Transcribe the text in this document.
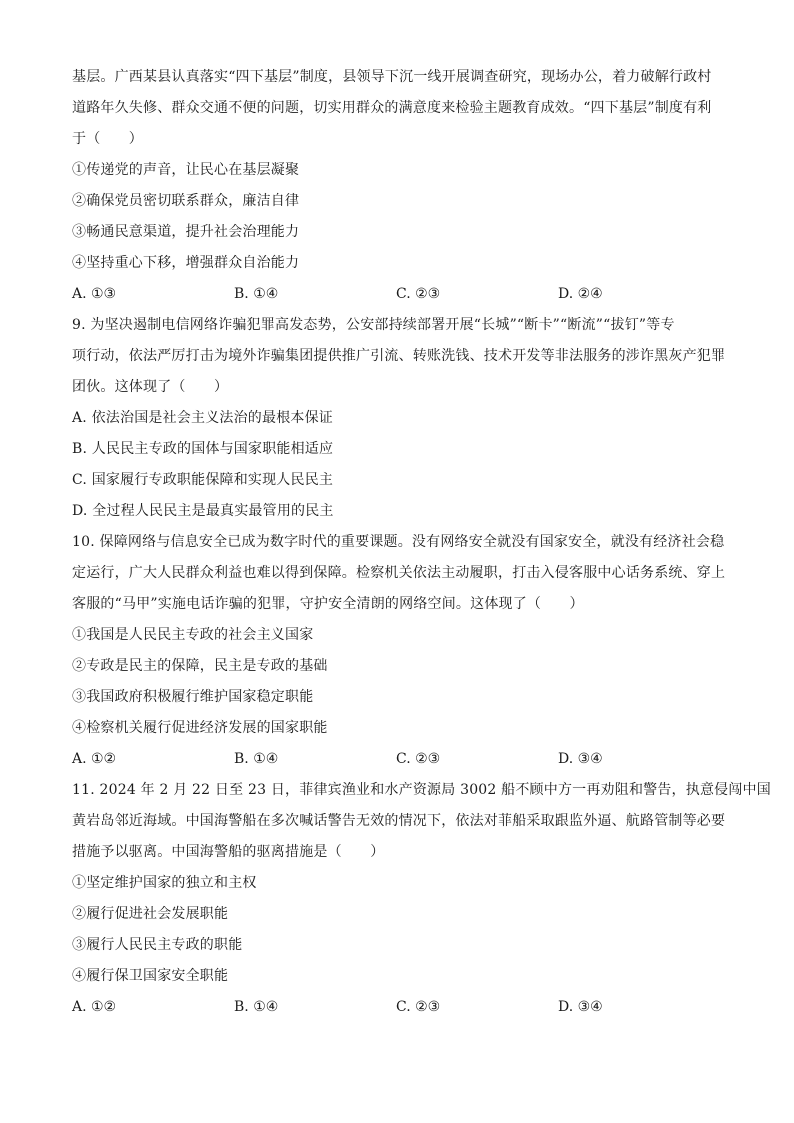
基层。广西某县认真落实“四下基层”制度，县领导下沉一线开展调查研究，现场办公，着力破解行政村
道路年久失修、群众交通不便的问题，切实用群众的满意度来检验主题教育成效。“四下基层”制度有利
于（　　）
①传递党的声音，让民心在基层凝聚
②确保党员密切联系群众，廉洁自律
③畅通民意渠道，提升社会治理能力
④坚持重心下移，增强群众自治能力
A. ①③	B. ①④	C. ②③	D. ②④
9. 为坚决遏制电信网络诈骗犯罪高发态势，公安部持续部署开展“长城”“断卡”“断流”“拔钉”等专
项行动，依法严厉打击为境外诈骗集团提供推广引流、转账洗钱、技术开发等非法服务的涉诈黑灰产犯罪
团伙。这体现了（　　）
A. 依法治国是社会主义法治的最根本保证
B. 人民民主专政的国体与国家职能相适应
C. 国家履行专政职能保障和实现人民民主
D. 全过程人民民主是最真实最管用的民主
10. 保障网络与信息安全已成为数字时代的重要课题。没有网络安全就没有国家安全，就没有经济社会稳
定运行，广大人民群众利益也难以得到保障。检察机关依法主动履职，打击入侵客服中心话务系统、穿上
客服的“马甲”实施电话诈骗的犯罪，守护安全清朗的网络空间。这体现了（　　）
①我国是人民民主专政的社会主义国家
②专政是民主的保障，民主是专政的基础
③我国政府积极履行维护国家稳定职能
④检察机关履行促进经济发展的国家职能
A. ①②	B. ①④	C. ②③	D. ③④
11. 2024 年 2 月 22 日至 23 日，菲律宾渔业和水产资源局 3002 船不顾中方一再劝阻和警告，执意侵闯中国
黄岩岛邻近海域。中国海警船在多次喊话警告无效的情况下，依法对菲船采取跟监外逼、航路管制等必要
措施予以驱离。中国海警船的驱离措施是（　　）
①坚定维护国家的独立和主权
②履行促进社会发展职能
③履行人民民主专政的职能
④履行保卫国家安全职能
A. ①②	B. ①④	C. ②③	D. ③④
